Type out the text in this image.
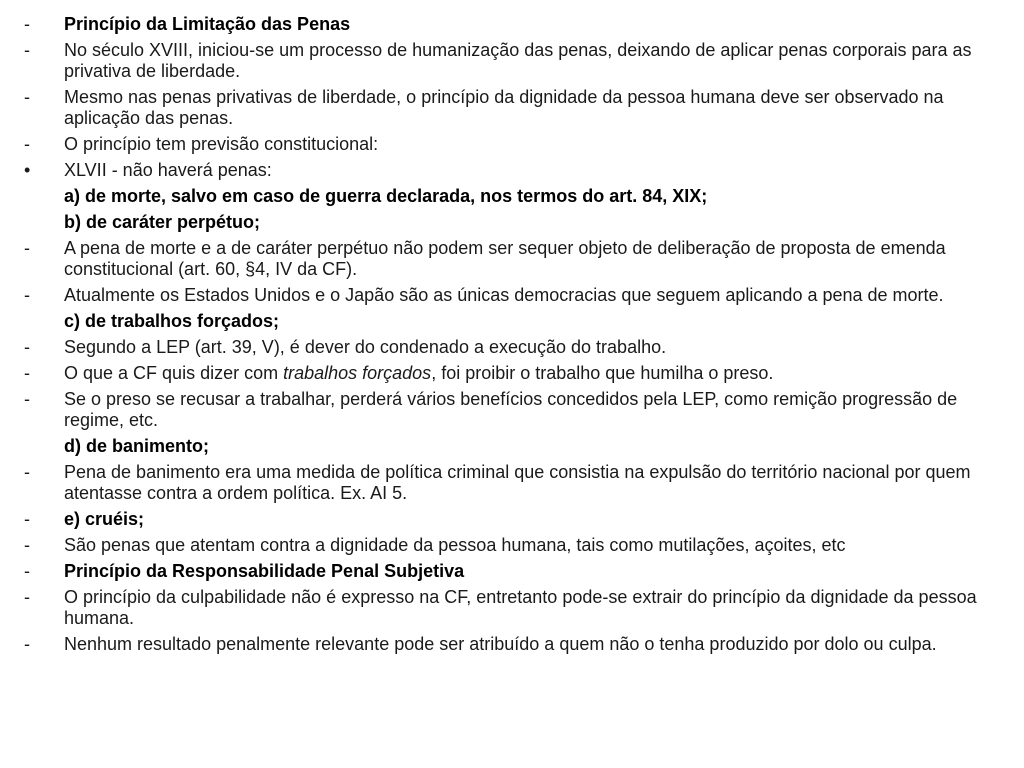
-	Princípio da Limitação das Penas
-	No século XVIII, iniciou-se um processo de humanização das penas, deixando de aplicar penas corporais para as privativa de liberdade.
-	Mesmo nas penas privativas de liberdade, o princípio da dignidade da pessoa humana deve ser observado na aplicação das penas.
-	O princípio tem previsão constitucional:
•	XLVII - não haverá penas:
a) de morte, salvo em caso de guerra declarada, nos termos do art. 84, XIX;
b) de caráter perpétuo;
-	A pena de morte e a de caráter perpétuo não podem ser sequer objeto de deliberação de proposta de emenda constitucional (art. 60, §4, IV da CF).
-	Atualmente os Estados Unidos e o Japão são as únicas democracias que seguem aplicando a pena de morte.
c) de trabalhos forçados;
-	Segundo a LEP (art. 39, V), é dever do condenado a execução do trabalho.
-	O que a CF quis dizer com trabalhos forçados, foi proibir o trabalho que humilha o preso.
-	Se o preso se recusar a trabalhar, perderá vários benefícios concedidos pela LEP, como remição progressão de regime, etc.
d) de banimento;
-	Pena de banimento era uma medida de política criminal que consistia na expulsão do território nacional por quem atentasse contra a ordem política. Ex. AI 5.
-	e) cruéis;
-	São penas que atentam contra a dignidade da pessoa humana, tais como mutilações, açoites, etc
-	Princípio da Responsabilidade Penal Subjetiva
-	O princípio da culpabilidade não é expresso na CF, entretanto pode-se extrair do princípio da dignidade da pessoa humana.
-	Nenhum resultado penalmente relevante pode ser atribuído a quem não o tenha produzido por dolo ou culpa.
